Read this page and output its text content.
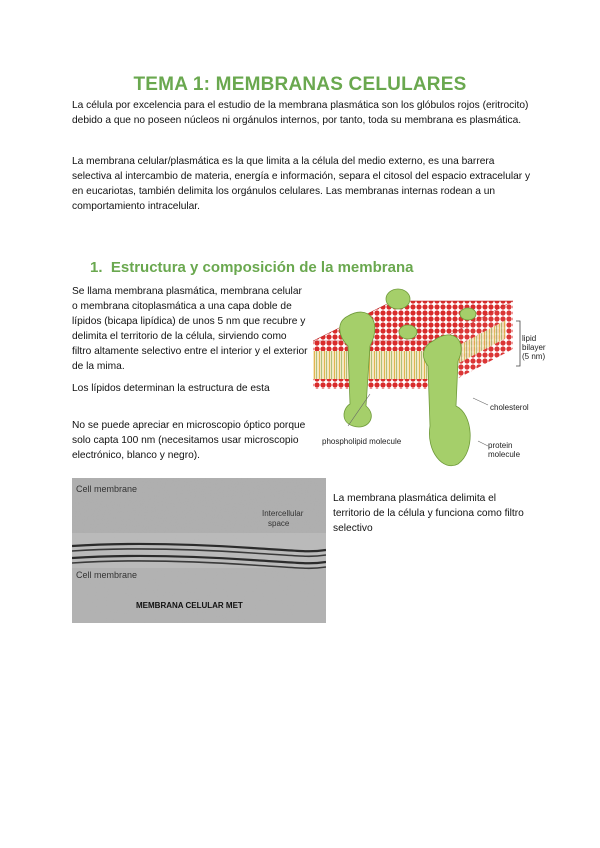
TEMA 1: MEMBRANAS CELULARES

La célula por excelencia para el estudio de la membrana plasmática son los glóbulos rojos (eritrocito) debido a que no poseen núcleos ni orgánulos internos, por tanto, toda su membrana es plasmática.

La membrana celular/plasmática es la que limita a la célula del medio externo, es una barrera selectiva al intercambio de materia, energía e información, separa el citosol del espacio extracelular y en eucariotas, también delimita los orgánulos celulares. Las membranas internas rodean a un comportamiento intracelular.

1. Estructura y composición de la membrana

Se llama membrana plasmática, membrana celular o membrana citoplasmática a una capa doble de lípidos (bicapa lipídica) de unos 5 nm que recubre y delimita el territorio de la célula, sirviendo como filtro altamente selectivo entre el interior y el exterior de la mima.

Los lípidos determinan la estructura de esta

No se puede apreciar en microscopio óptico porque solo capta 100 nm (necesitamos usar microscopio electrónico, blanco y negro).

lipid
bilayer
(5 nm)
cholesterol
phospholipid molecule	protein
molecule
Cell membrane
Intercellular
space
Cell membrane
MEMBRANA CELULAR MET

La membrana plasmática delimita el territorio de la célula y funciona como filtro selectivo
